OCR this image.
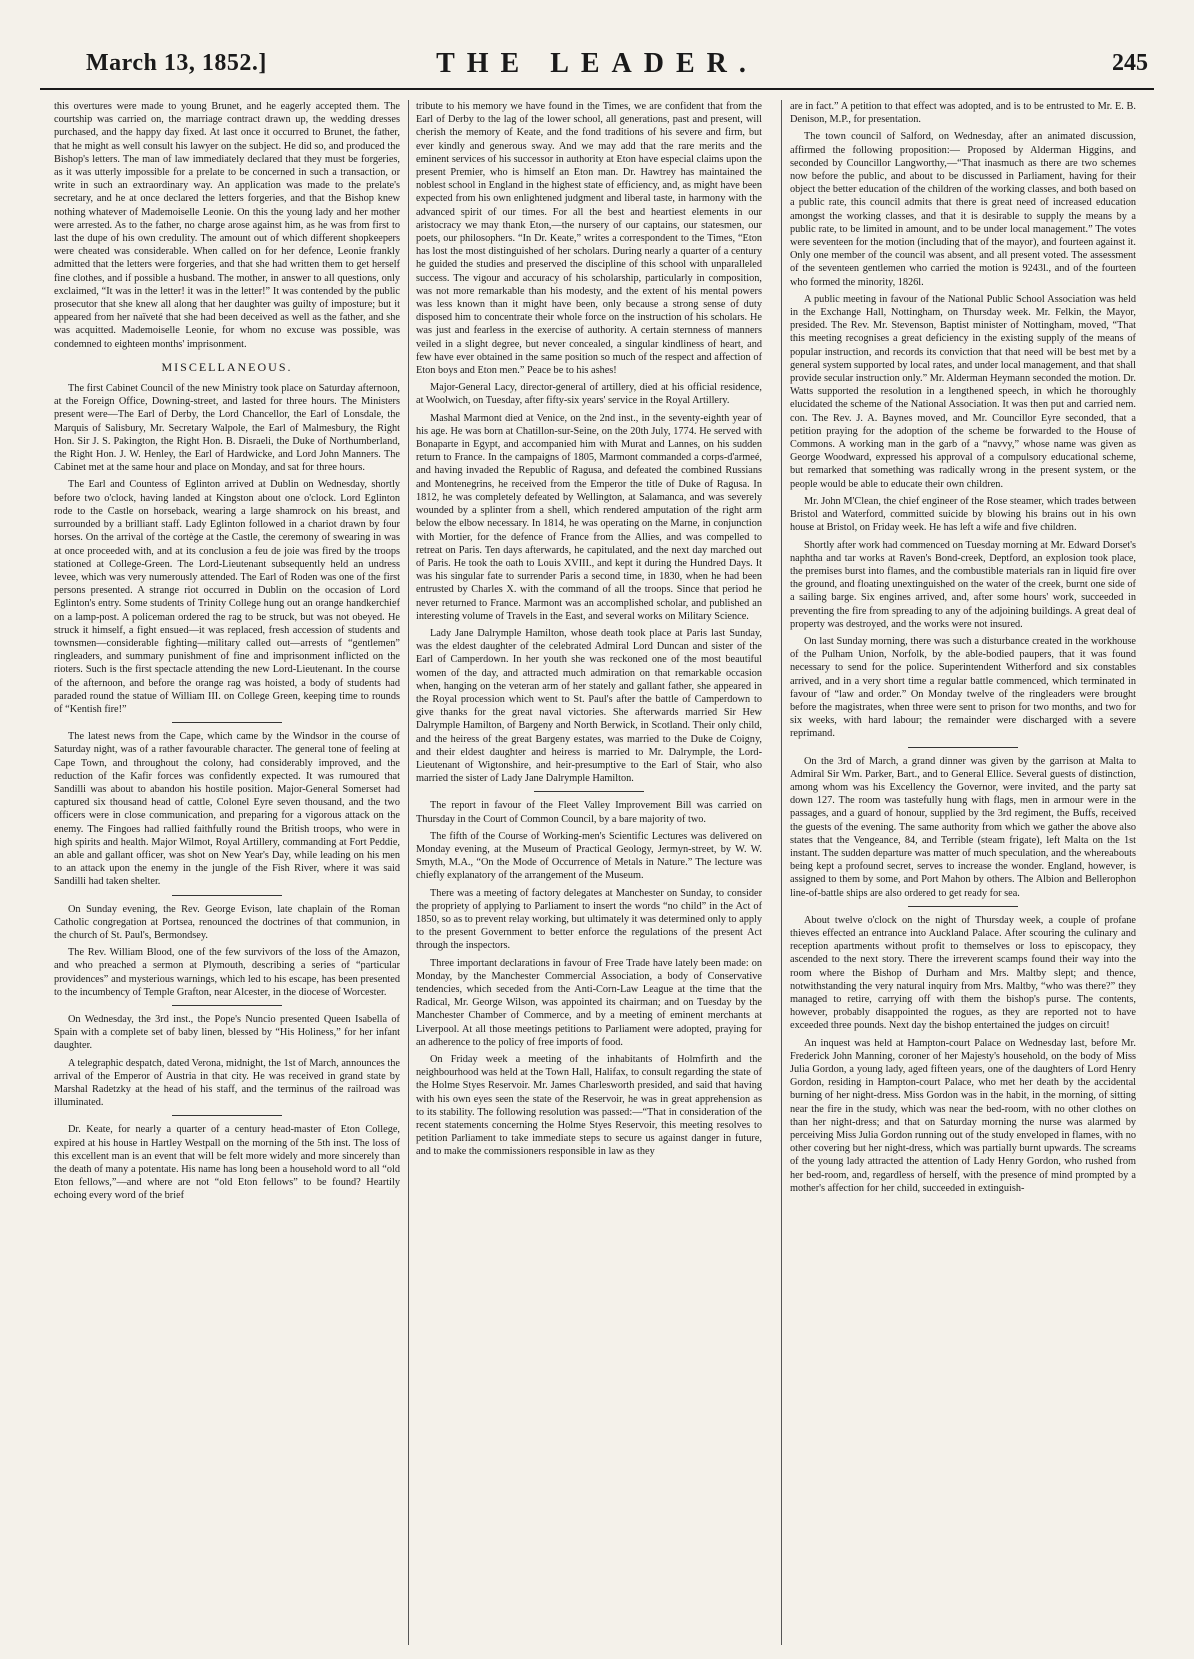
March 13, 1852.]	THE LEADER.	245

this overtures were made to young Brunet, and he eagerly accepted them. The courtship was carried on, the marriage contract drawn up, the wedding dresses purchased, and the happy day fixed. At last once it occurred to Brunet, the father, that he might as well consult his lawyer on the subject. He did so, and produced the Bishop's letters. The man of law immediately declared that they must be forgeries, as it was utterly impossible for a prelate to be concerned in such a transaction, or write in such an extraordinary way. An application was made to the prelate's secretary, and he at once declared the letters forgeries, and that the Bishop knew nothing whatever of Mademoiselle Leonie. On this the young lady and her mother were arrested. As to the father, no charge arose against him, as he was from first to last the dupe of his own credulity. The amount out of which different shopkeepers were cheated was considerable. When called on for her defence, Leonie frankly admitted that the letters were forgeries, and that she had written them to get herself fine clothes, and if possible a husband. The mother, in answer to all questions, only exclaimed, “It was in the letter! it was in the letter!” It was contended by the public prosecutor that she knew all along that her daughter was guilty of imposture; but it appeared from her naïveté that she had been deceived as well as the father, and she was acquitted. Mademoiselle Leonie, for whom no excuse was possible, was condemned to eighteen months' imprisonment.

MISCELLANEOUS.

The first Cabinet Council of the new Ministry took place on Saturday afternoon, at the Foreign Office, Downing-street, and lasted for three hours. The Ministers present were—The Earl of Derby, the Lord Chancellor, the Earl of Lonsdale, the Marquis of Salisbury, Mr. Secretary Walpole, the Earl of Malmesbury, the Right Hon. Sir J. S. Pakington, the Right Hon. B. Disraeli, the Duke of Northumberland, the Right Hon. J. W. Henley, the Earl of Hardwicke, and Lord John Manners. The Cabinet met at the same hour and place on Monday, and sat for three hours.

The Earl and Countess of Eglinton arrived at Dublin on Wednesday, shortly before two o'clock, having landed at Kingston about one o'clock. Lord Eglinton rode to the Castle on horseback, wearing a large shamrock on his breast, and surrounded by a brilliant staff. Lady Eglinton followed in a chariot drawn by four horses. On the arrival of the cortège at the Castle, the ceremony of swearing in was at once proceeded with, and at its conclusion a feu de joie was fired by the troops stationed at College-Green. The Lord-Lieutenant subsequently held an undress levee, which was very numerously attended. The Earl of Roden was one of the first persons presented. A strange riot occurred in Dublin on the occasion of Lord Eglinton's entry. Some students of Trinity College hung out an orange handkerchief on a lamp-post. A policeman ordered the rag to be struck, but was not obeyed. He struck it himself, a fight ensued—it was replaced, fresh accession of students and townsmen—considerable fighting—military called out—arrests of “gentlemen” ringleaders, and summary punishment of fine and imprisonment inflicted on the rioters. Such is the first spectacle attending the new Lord-Lieutenant. In the course of the afternoon, and before the orange rag was hoisted, a body of students had paraded round the statue of William III. on College Green, keeping time to rounds of “Kentish fire!”

The latest news from the Cape, which came by the Windsor in the course of Saturday night, was of a rather favourable character. The general tone of feeling at Cape Town, and throughout the colony, had considerably improved, and the reduction of the Kafir forces was confidently expected. It was rumoured that Sandilli was about to abandon his hostile position. Major-General Somerset had captured six thousand head of cattle, Colonel Eyre seven thousand, and the two officers were in close communication, and preparing for a vigorous attack on the enemy. The Fingoes had rallied faithfully round the British troops, who were in high spirits and health. Major Wilmot, Royal Artillery, commanding at Fort Peddie, an able and gallant officer, was shot on New Year's Day, while leading on his men to an attack upon the enemy in the jungle of the Fish River, where it was said Sandilli had taken shelter.

On Sunday evening, the Rev. George Evison, late chaplain of the Roman Catholic congregation at Portsea, renounced the doctrines of that communion, in the church of St. Paul's, Bermondsey.

The Rev. William Blood, one of the few survivors of the loss of the Amazon, and who preached a sermon at Plymouth, describing a series of “particular providences” and mysterious warnings, which led to his escape, has been presented to the incumbency of Temple Grafton, near Alcester, in the diocese of Worcester.

On Wednesday, the 3rd inst., the Pope's Nuncio presented Queen Isabella of Spain with a complete set of baby linen, blessed by “His Holiness,” for her infant daughter.

A telegraphic despatch, dated Verona, midnight, the 1st of March, announces the arrival of the Emperor of Austria in that city. He was received in grand state by Marshal Radetzky at the head of his staff, and the terminus of the railroad was illuminated.

Dr. Keate, for nearly a quarter of a century head-master of Eton College, expired at his house in Hartley Westpall on the morning of the 5th inst. The loss of this excellent man is an event that will be felt more widely and more sincerely than the death of many a potentate. His name has long been a household word to all “old Eton fellows,”—and where are not “old Eton fellows” to be found? Heartily echoing every word of the brief

tribute to his memory we have found in the Times, we are confident that from the Earl of Derby to the lag of the lower school, all generations, past and present, will cherish the memory of Keate, and the fond traditions of his severe and firm, but ever kindly and generous sway. And we may add that the rare merits and the eminent services of his successor in authority at Eton have especial claims upon the present Premier, who is himself an Eton man. Dr. Hawtrey has maintained the noblest school in England in the highest state of efficiency, and, as might have been expected from his own enlightened judgment and liberal taste, in harmony with the advanced spirit of our times. For all the best and heartiest elements in our aristocracy we may thank Eton,—the nursery of our captains, our statesmen, our poets, our philosophers. “In Dr. Keate,” writes a correspondent to the Times, “Eton has lost the most distinguished of her scholars. During nearly a quarter of a century he guided the studies and preserved the discipline of this school with unparalleled success. The vigour and accuracy of his scholarship, particularly in composition, was not more remarkable than his modesty, and the extent of his mental powers was less known than it might have been, only because a strong sense of duty disposed him to concentrate their whole force on the instruction of his scholars. He was just and fearless in the exercise of authority. A certain sternness of manners veiled in a slight degree, but never concealed, a singular kindliness of heart, and few have ever obtained in the same position so much of the respect and affection of Eton boys and Eton men.” Peace be to his ashes!

Major-General Lacy, director-general of artillery, died at his official residence, at Woolwich, on Tuesday, after fifty-six years' service in the Royal Artillery.

Mashal Marmont died at Venice, on the 2nd inst., in the seventy-eighth year of his age. He was born at Chatillon-sur-Seine, on the 20th July, 1774. He served with Bonaparte in Egypt, and accompanied him with Murat and Lannes, on his sudden return to France. In the campaigns of 1805, Marmont commanded a corps-d'armeé, and having invaded the Republic of Ragusa, and defeated the combined Russians and Montenegrins, he received from the Emperor the title of Duke of Ragusa. In 1812, he was completely defeated by Wellington, at Salamanca, and was severely wounded by a splinter from a shell, which rendered amputation of the right arm below the elbow necessary. In 1814, he was operating on the Marne, in conjunction with Mortier, for the defence of France from the Allies, and was compelled to retreat on Paris. Ten days afterwards, he capitulated, and the next day marched out of Paris. He took the oath to Louis XVIII., and kept it during the Hundred Days. It was his singular fate to surrender Paris a second time, in 1830, when he had been entrusted by Charles X. with the command of all the troops. Since that period he never returned to France. Marmont was an accomplished scholar, and published an interesting volume of Travels in the East, and several works on Military Science.

Lady Jane Dalrymple Hamilton, whose death took place at Paris last Sunday, was the eldest daughter of the celebrated Admiral Lord Duncan and sister of the Earl of Camperdown. In her youth she was reckoned one of the most beautiful women of the day, and attracted much admiration on that remarkable occasion when, hanging on the veteran arm of her stately and gallant father, she appeared in the Royal procession which went to St. Paul's after the battle of Camperdown to give thanks for the great naval victories. She afterwards married Sir Hew Dalrymple Hamilton, of Bargeny and North Berwick, in Scotland. Their only child, and the heiress of the great Bargeny estates, was married to the Duke de Coigny, and their eldest daughter and heiress is married to Mr. Dalrymple, the Lord-Lieutenant of Wigtonshire, and heir-presumptive to the Earl of Stair, who also married the sister of Lady Jane Dalrymple Hamilton.

The report in favour of the Fleet Valley Improvement Bill was carried on Thursday in the Court of Common Council, by a bare majority of two.

The fifth of the Course of Working-men's Scientific Lectures was delivered on Monday evening, at the Museum of Practical Geology, Jermyn-street, by W. W. Smyth, M.A., “On the Mode of Occurrence of Metals in Nature.” The lecture was chiefly explanatory of the arrangement of the Museum.

There was a meeting of factory delegates at Manchester on Sunday, to consider the propriety of applying to Parliament to insert the words “no child” in the Act of 1850, so as to prevent relay working, but ultimately it was determined only to apply to the present Government to better enforce the regulations of the present Act through the inspectors.

Three important declarations in favour of Free Trade have lately been made: on Monday, by the Manchester Commercial Association, a body of Conservative tendencies, which seceded from the Anti-Corn-Law League at the time that the Radical, Mr. George Wilson, was appointed its chairman; and on Tuesday by the Manchester Chamber of Commerce, and by a meeting of eminent merchants at Liverpool. At all those meetings petitions to Parliament were adopted, praying for an adherence to the policy of free imports of food.

On Friday week a meeting of the inhabitants of Holmfirth and the neighbourhood was held at the Town Hall, Halifax, to consult regarding the state of the Holme Styes Reservoir. Mr. James Charlesworth presided, and said that having with his own eyes seen the state of the Reservoir, he was in great apprehension as to its stability. The following resolution was passed:—“That in consideration of the recent statements concerning the Holme Styes Reservoir, this meeting resolves to petition Parliament to take immediate steps to secure us against danger in future, and to make the commissioners responsible in law as they

are in fact.” A petition to that effect was adopted, and is to be entrusted to Mr. E. B. Denison, M.P., for presentation.

The town council of Salford, on Wednesday, after an animated discussion, affirmed the following proposition:— Proposed by Alderman Higgins, and seconded by Councillor Langworthy,—“That inasmuch as there are two schemes now before the public, and about to be discussed in Parliament, having for their object the better education of the children of the working classes, and both based on a public rate, this council admits that there is great need of increased education amongst the working classes, and that it is desirable to supply the means by a public rate, to be limited in amount, and to be under local management.” The votes were seventeen for the motion (including that of the mayor), and fourteen against it. Only one member of the council was absent, and all present voted. The assessment of the seventeen gentlemen who carried the motion is 9243l., and of the fourteen who formed the minority, 1826l.

A public meeting in favour of the National Public School Association was held in the Exchange Hall, Nottingham, on Thursday week. Mr. Felkin, the Mayor, presided. The Rev. Mr. Stevenson, Baptist minister of Nottingham, moved, “That this meeting recognises a great deficiency in the existing supply of the means of popular instruction, and records its conviction that that need will be best met by a general system supported by local rates, and under local management, and that shall provide secular instruction only.” Mr. Alderman Heymann seconded the motion. Dr. Watts supported the resolution in a lengthened speech, in which he thoroughly elucidated the scheme of the National Association. It was then put and carried nem. con. The Rev. J. A. Baynes moved, and Mr. Councillor Eyre seconded, that a petition praying for the adoption of the scheme be forwarded to the House of Commons. A working man in the garb of a “navvy,” whose name was given as George Woodward, expressed his approval of a compulsory educational scheme, but remarked that something was radically wrong in the present system, or the people would be able to educate their own children.

Mr. John M'Clean, the chief engineer of the Rose steamer, which trades between Bristol and Waterford, committed suicide by blowing his brains out in his own house at Bristol, on Friday week. He has left a wife and five children.

Shortly after work had commenced on Tuesday morning at Mr. Edward Dorset's naphtha and tar works at Raven's Bond-creek, Deptford, an explosion took place, the premises burst into flames, and the combustible materials ran in liquid fire over the ground, and floating unextinguished on the water of the creek, burnt one side of a sailing barge. Six engines arrived, and, after some hours' work, succeeded in preventing the fire from spreading to any of the adjoining buildings. A great deal of property was destroyed, and the works were not insured.

On last Sunday morning, there was such a disturbance created in the workhouse of the Pulham Union, Norfolk, by the able-bodied paupers, that it was found necessary to send for the police. Superintendent Witherford and six constables arrived, and in a very short time a regular battle commenced, which terminated in favour of “law and order.” On Monday twelve of the ringleaders were brought before the magistrates, when three were sent to prison for two months, and two for six weeks, with hard labour; the remainder were discharged with a severe reprimand.

On the 3rd of March, a grand dinner was given by the garrison at Malta to Admiral Sir Wm. Parker, Bart., and to General Ellice. Several guests of distinction, among whom was his Excellency the Governor, were invited, and the party sat down 127. The room was tastefully hung with flags, men in armour were in the passages, and a guard of honour, supplied by the 3rd regiment, the Buffs, received the guests of the evening. The same authority from which we gather the above also states that the Vengeance, 84, and Terrible (steam frigate), left Malta on the 1st instant. The sudden departure was matter of much speculation, and the whereabouts being kept a profound secret, serves to increase the wonder. England, however, is assigned to them by some, and Port Mahon by others. The Albion and Bellerophon line-of-battle ships are also ordered to get ready for sea.

About twelve o'clock on the night of Thursday week, a couple of profane thieves effected an entrance into Auckland Palace. After scouring the culinary and reception apartments without profit to themselves or loss to episcopacy, they ascended to the next story. There the irreverent scamps found their way into the room where the Bishop of Durham and Mrs. Maltby slept; and thence, notwithstanding the very natural inquiry from Mrs. Maltby, “who was there?” they managed to retire, carrying off with them the bishop's purse. The contents, however, probably disappointed the rogues, as they are reported not to have exceeded three pounds. Next day the bishop entertained the judges on circuit!

An inquest was held at Hampton-court Palace on Wednesday last, before Mr. Frederick John Manning, coroner of her Majesty's household, on the body of Miss Julia Gordon, a young lady, aged fifteen years, one of the daughters of Lord Henry Gordon, residing in Hampton-court Palace, who met her death by the accidental burning of her night-dress. Miss Gordon was in the habit, in the morning, of sitting near the fire in the study, which was near the bed-room, with no other clothes on than her night-dress; and that on Saturday morning the nurse was alarmed by perceiving Miss Julia Gordon running out of the study enveloped in flames, with no other covering but her night-dress, which was partially burnt upwards. The screams of the young lady attracted the attention of Lady Henry Gordon, who rushed from her bed-room, and, regardless of herself, with the presence of mind prompted by a mother's affection for her child, succeeded in extinguish-
